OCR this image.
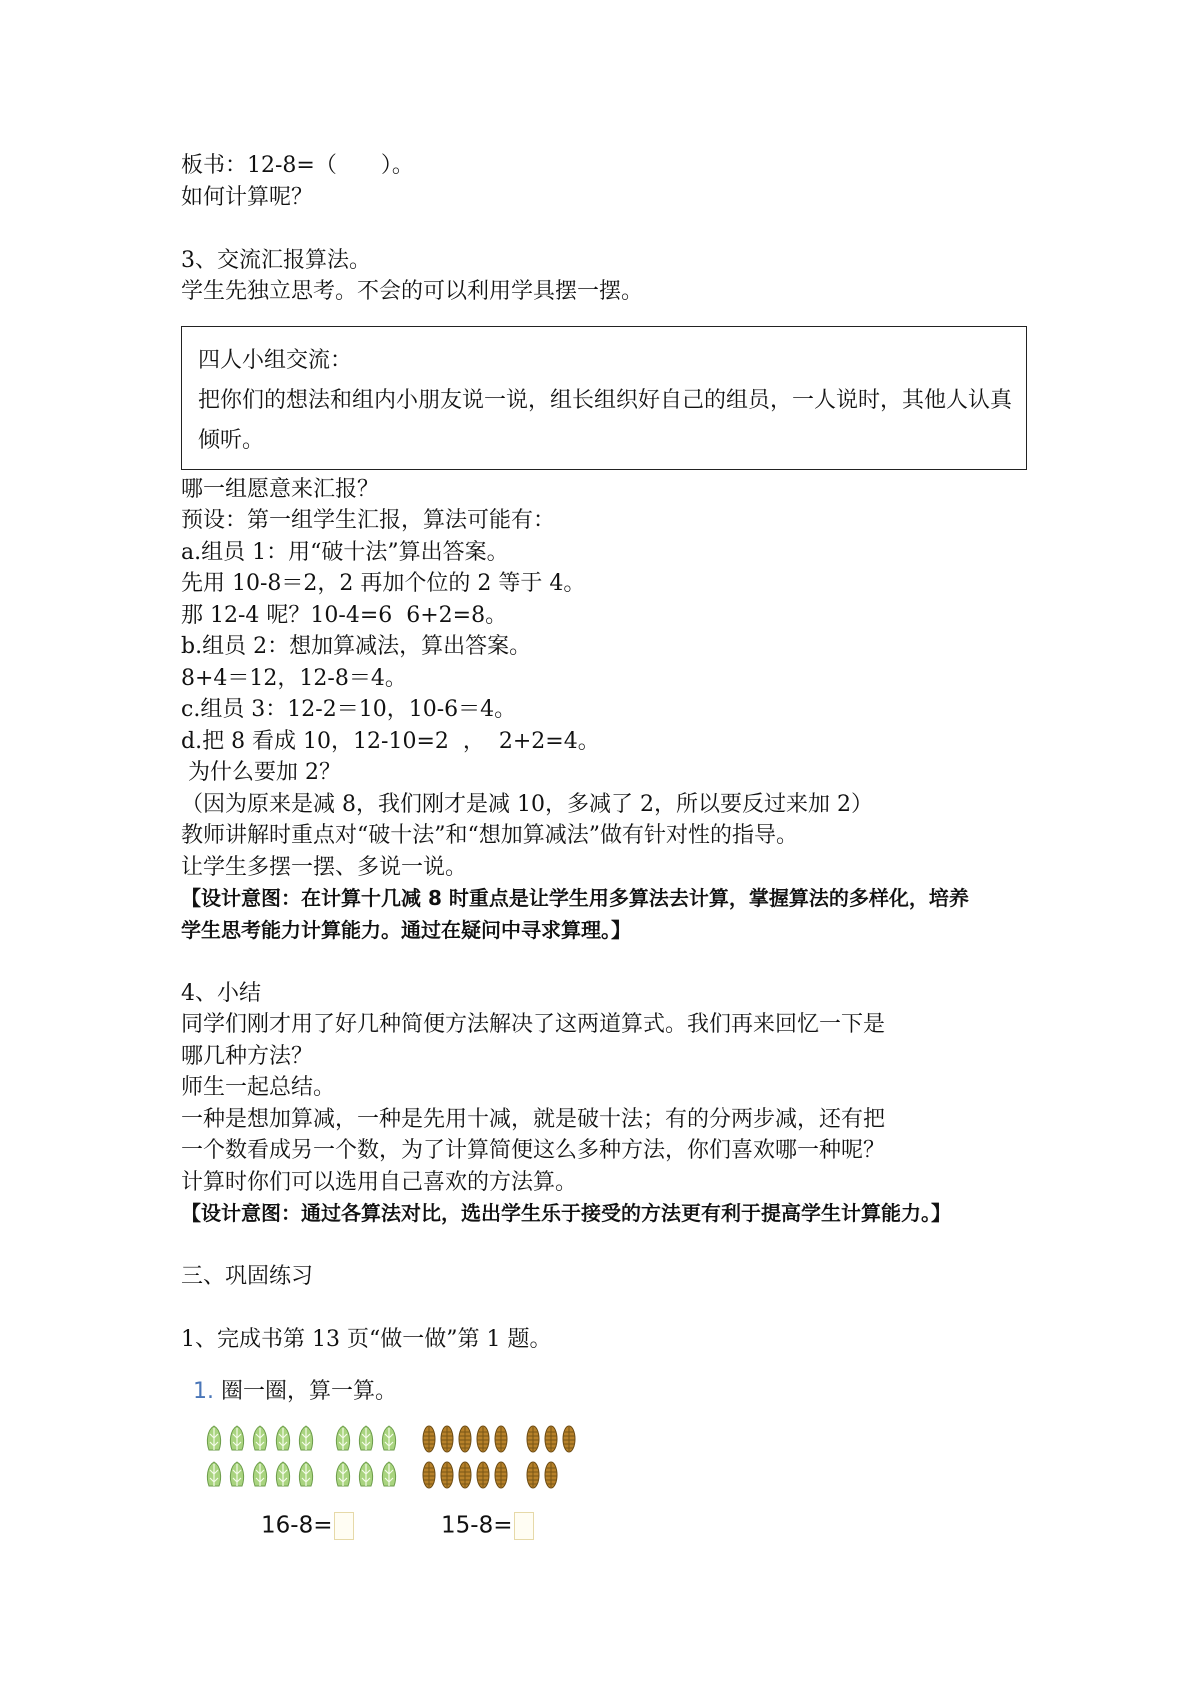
板书：12-8=（　　）。
如何计算呢？
3、交流汇报算法。
学生先独立思考。不会的可以利用学具摆一摆。
四人小组交流：
把你们的想法和组内小朋友说一说，组长组织好自己的组员，一人说时，其他人认真倾听。
哪一组愿意来汇报？
预设：第一组学生汇报，算法可能有：
a.组员 1：用“破十法”算出答案。
先用 10-8＝2，2 再加个位的 2 等于 4。
那 12-4 呢？10-4=6  6+2=8。
b.组员 2：想加算减法，算出答案。
8+4＝12，12-8＝4。
c.组员 3：12-2＝10，10-6＝4。
d.把 8 看成 10，12-10=2  ，  2+2=4。
为什么要加 2？
（因为原来是减 8，我们刚才是减 10，多减了 2，所以要反过来加 2）
教师讲解时重点对“破十法”和“想加算减法”做有针对性的指导。
让学生多摆一摆、多说一说。
【设计意图：在计算十几减 8 时重点是让学生用多算法去计算，掌握算法的多样化，培养
学生思考能力计算能力。通过在疑问中寻求算理。】
4、小结
同学们刚才用了好几种简便方法解决了这两道算式。我们再来回忆一下是
哪几种方法？
师生一起总结。
一种是想加算减，一种是先用十减，就是破十法；有的分两步减，还有把
一个数看成另一个数，为了计算简便这么多种方法，你们喜欢哪一种呢？
计算时你们可以选用自己喜欢的方法算。
【设计意图：通过各算法对比，选出学生乐于接受的方法更有利于提高学生计算能力。】
三、巩固练习
1、完成书第 13 页“做一做”第 1 题。
1. 圈一圈，算一算。
16-8=	15-8=
